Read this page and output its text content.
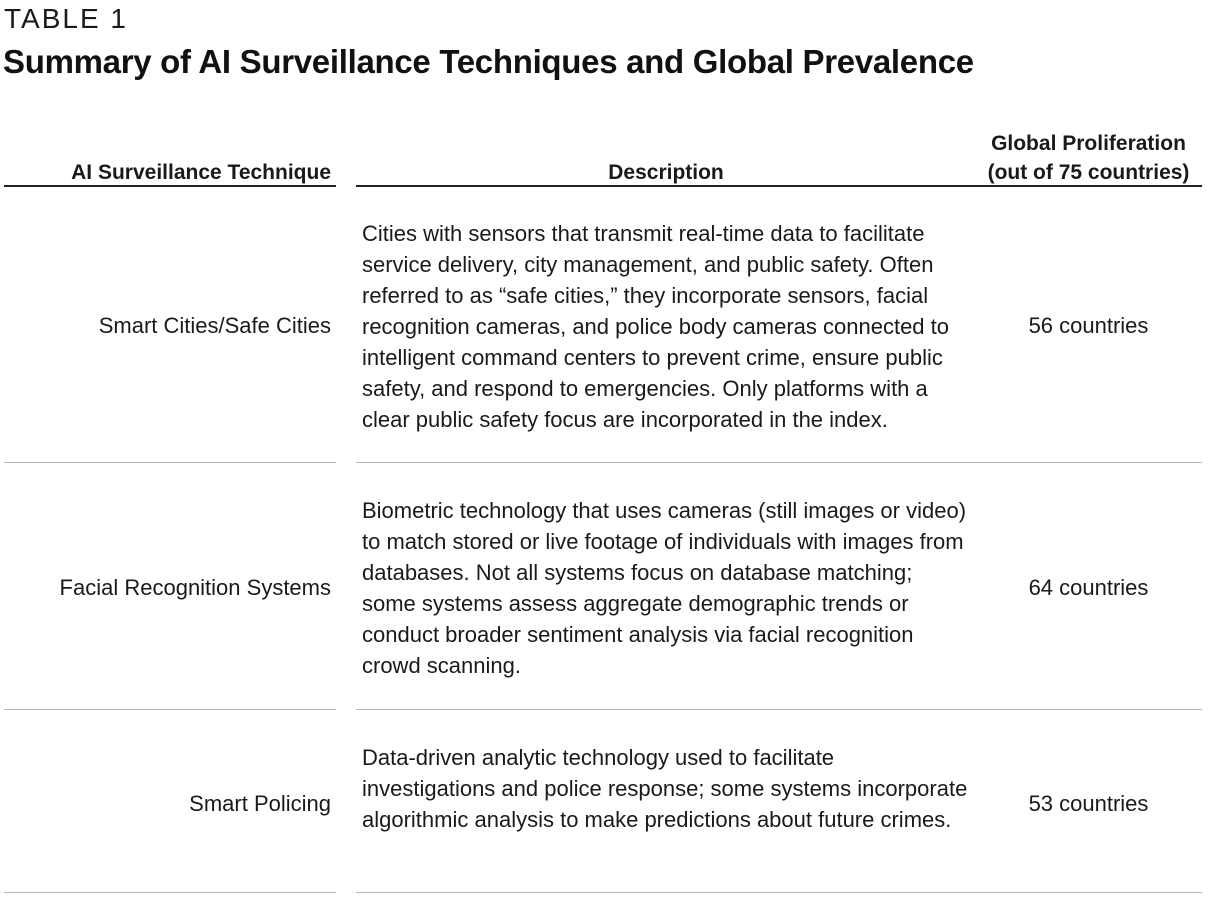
TABLE 1
Summary of AI Surveillance Techniques and Global Prevalence
AI Surveillance Technique	Description
Global Proliferation
(out of 75 countries)
Smart Cities/Safe Cities
Cities with sensors that transmit real-time data to facilitate service delivery, city management, and public safety. Often referred to as “safe cities,” they incorporate sensors, facial recognition cameras, and police body cameras connected to intelligent command centers to prevent crime, ensure public safety, and respond to emergencies. Only platforms with a clear public safety focus are incorporated in the index.
56 countries
Facial Recognition Systems
Biometric technology that uses cameras (still images or video) to match stored or live footage of individuals with images from databases. Not all systems focus on database matching; some systems assess aggregate demographic trends or conduct broader sentiment analysis via facial recognition crowd scanning.
64 countries
Smart Policing
Data-driven analytic technology used to facilitate investigations and police response; some systems incorporate algorithmic analysis to make predictions about future crimes.
53 countries
